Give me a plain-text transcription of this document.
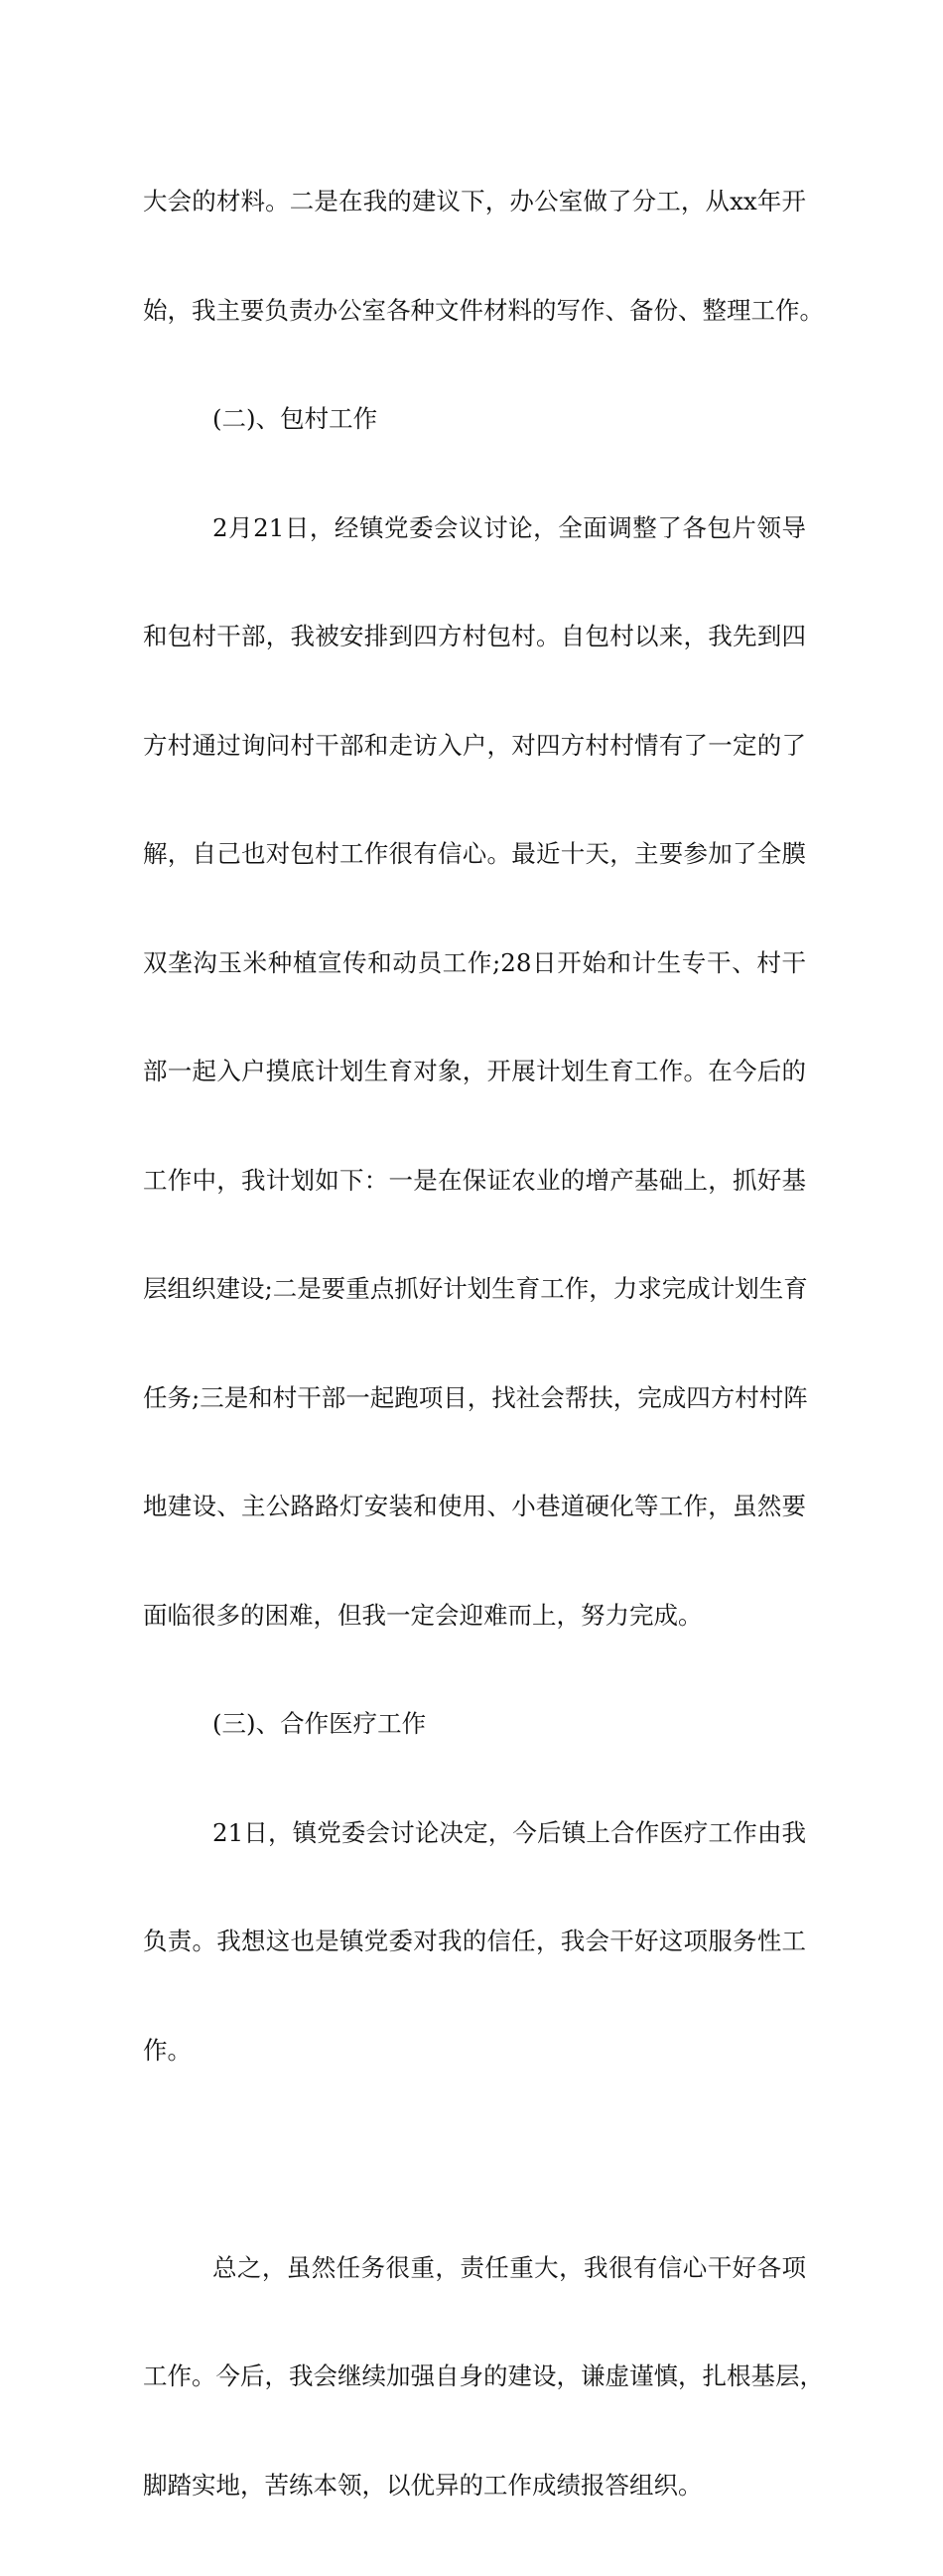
大会的材料。二是在我的建议下，办公室做了分工，从xx年开

始，我主要负责办公室各种文件材料的写作、备份、整理工作。

(二)、包村工作

2月21日，经镇党委会议讨论，全面调整了各包片领导

和包村干部，我被安排到四方村包村。自包村以来，我先到四

方村通过询问村干部和走访入户，对四方村村情有了一定的了

解，自己也对包村工作很有信心。最近十天，主要参加了全膜

双垄沟玉米种植宣传和动员工作;28日开始和计生专干、村干

部一起入户摸底计划生育对象，开展计划生育工作。在今后的

工作中，我计划如下：一是在保证农业的增产基础上，抓好基

层组织建设;二是要重点抓好计划生育工作，力求完成计划生育

任务;三是和村干部一起跑项目，找社会帮扶，完成四方村村阵

地建设、主公路路灯安装和使用、小巷道硬化等工作，虽然要

面临很多的困难，但我一定会迎难而上，努力完成。

(三)、合作医疗工作

21日，镇党委会讨论决定，今后镇上合作医疗工作由我

负责。我想这也是镇党委对我的信任，我会干好这项服务性工

作。

总之，虽然任务很重，责任重大，我很有信心干好各项

工作。今后，我会继续加强自身的建设，谦虚谨慎，扎根基层，

脚踏实地，苦练本领，以优异的工作成绩报答组织。
